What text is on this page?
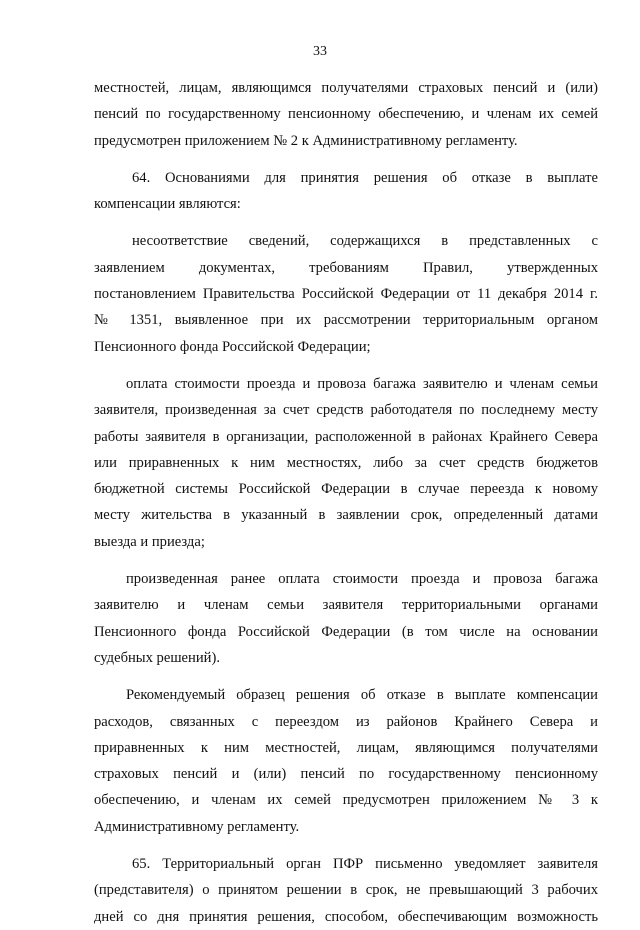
33
местностей, лицам, являющимся получателями страховых пенсий и (или)
пенсий по государственному пенсионному обеспечению, и членам их семей
предусмотрен приложением № 2 к Административному регламенту.
64. Основаниями для принятия решения об отказе в выплате
компенсации являются:
несоответствие сведений, содержащихся в представленных с
заявлением документах, требованиям Правил, утвержденных
постановлением Правительства Российской Федерации от 11 декабря 2014 г.
№ 1351, выявленное при их рассмотрении территориальным органом
Пенсионного фонда Российской Федерации;
оплата стоимости проезда и провоза багажа заявителю и членам семьи
заявителя, произведенная за счет средств работодателя по последнему месту
работы заявителя в организации, расположенной в районах Крайнего Севера
или приравненных к ним местностях, либо за счет средств бюджетов
бюджетной системы Российской Федерации в случае переезда к новому
месту жительства в указанный в заявлении срок, определенный датами
выезда и приезда;
произведенная ранее оплата стоимости проезда и провоза багажа
заявителю и членам семьи заявителя территориальными органами
Пенсионного фонда Российской Федерации (в том числе на основании
судебных решений).
Рекомендуемый образец решения об отказе в выплате компенсации
расходов, связанных с переездом из районов Крайнего Севера и
приравненных к ним местностей, лицам, являющимся получателями
страховых пенсий и (или) пенсий по государственному пенсионному
обеспечению, и членам их семей предусмотрен приложением № 3 к
Административному регламенту.
65. Территориальный орган ПФР письменно уведомляет заявителя
(представителя) о принятом решении в срок, не превышающий 3 рабочих
дней со дня принятия решения, способом, обеспечивающим возможность
